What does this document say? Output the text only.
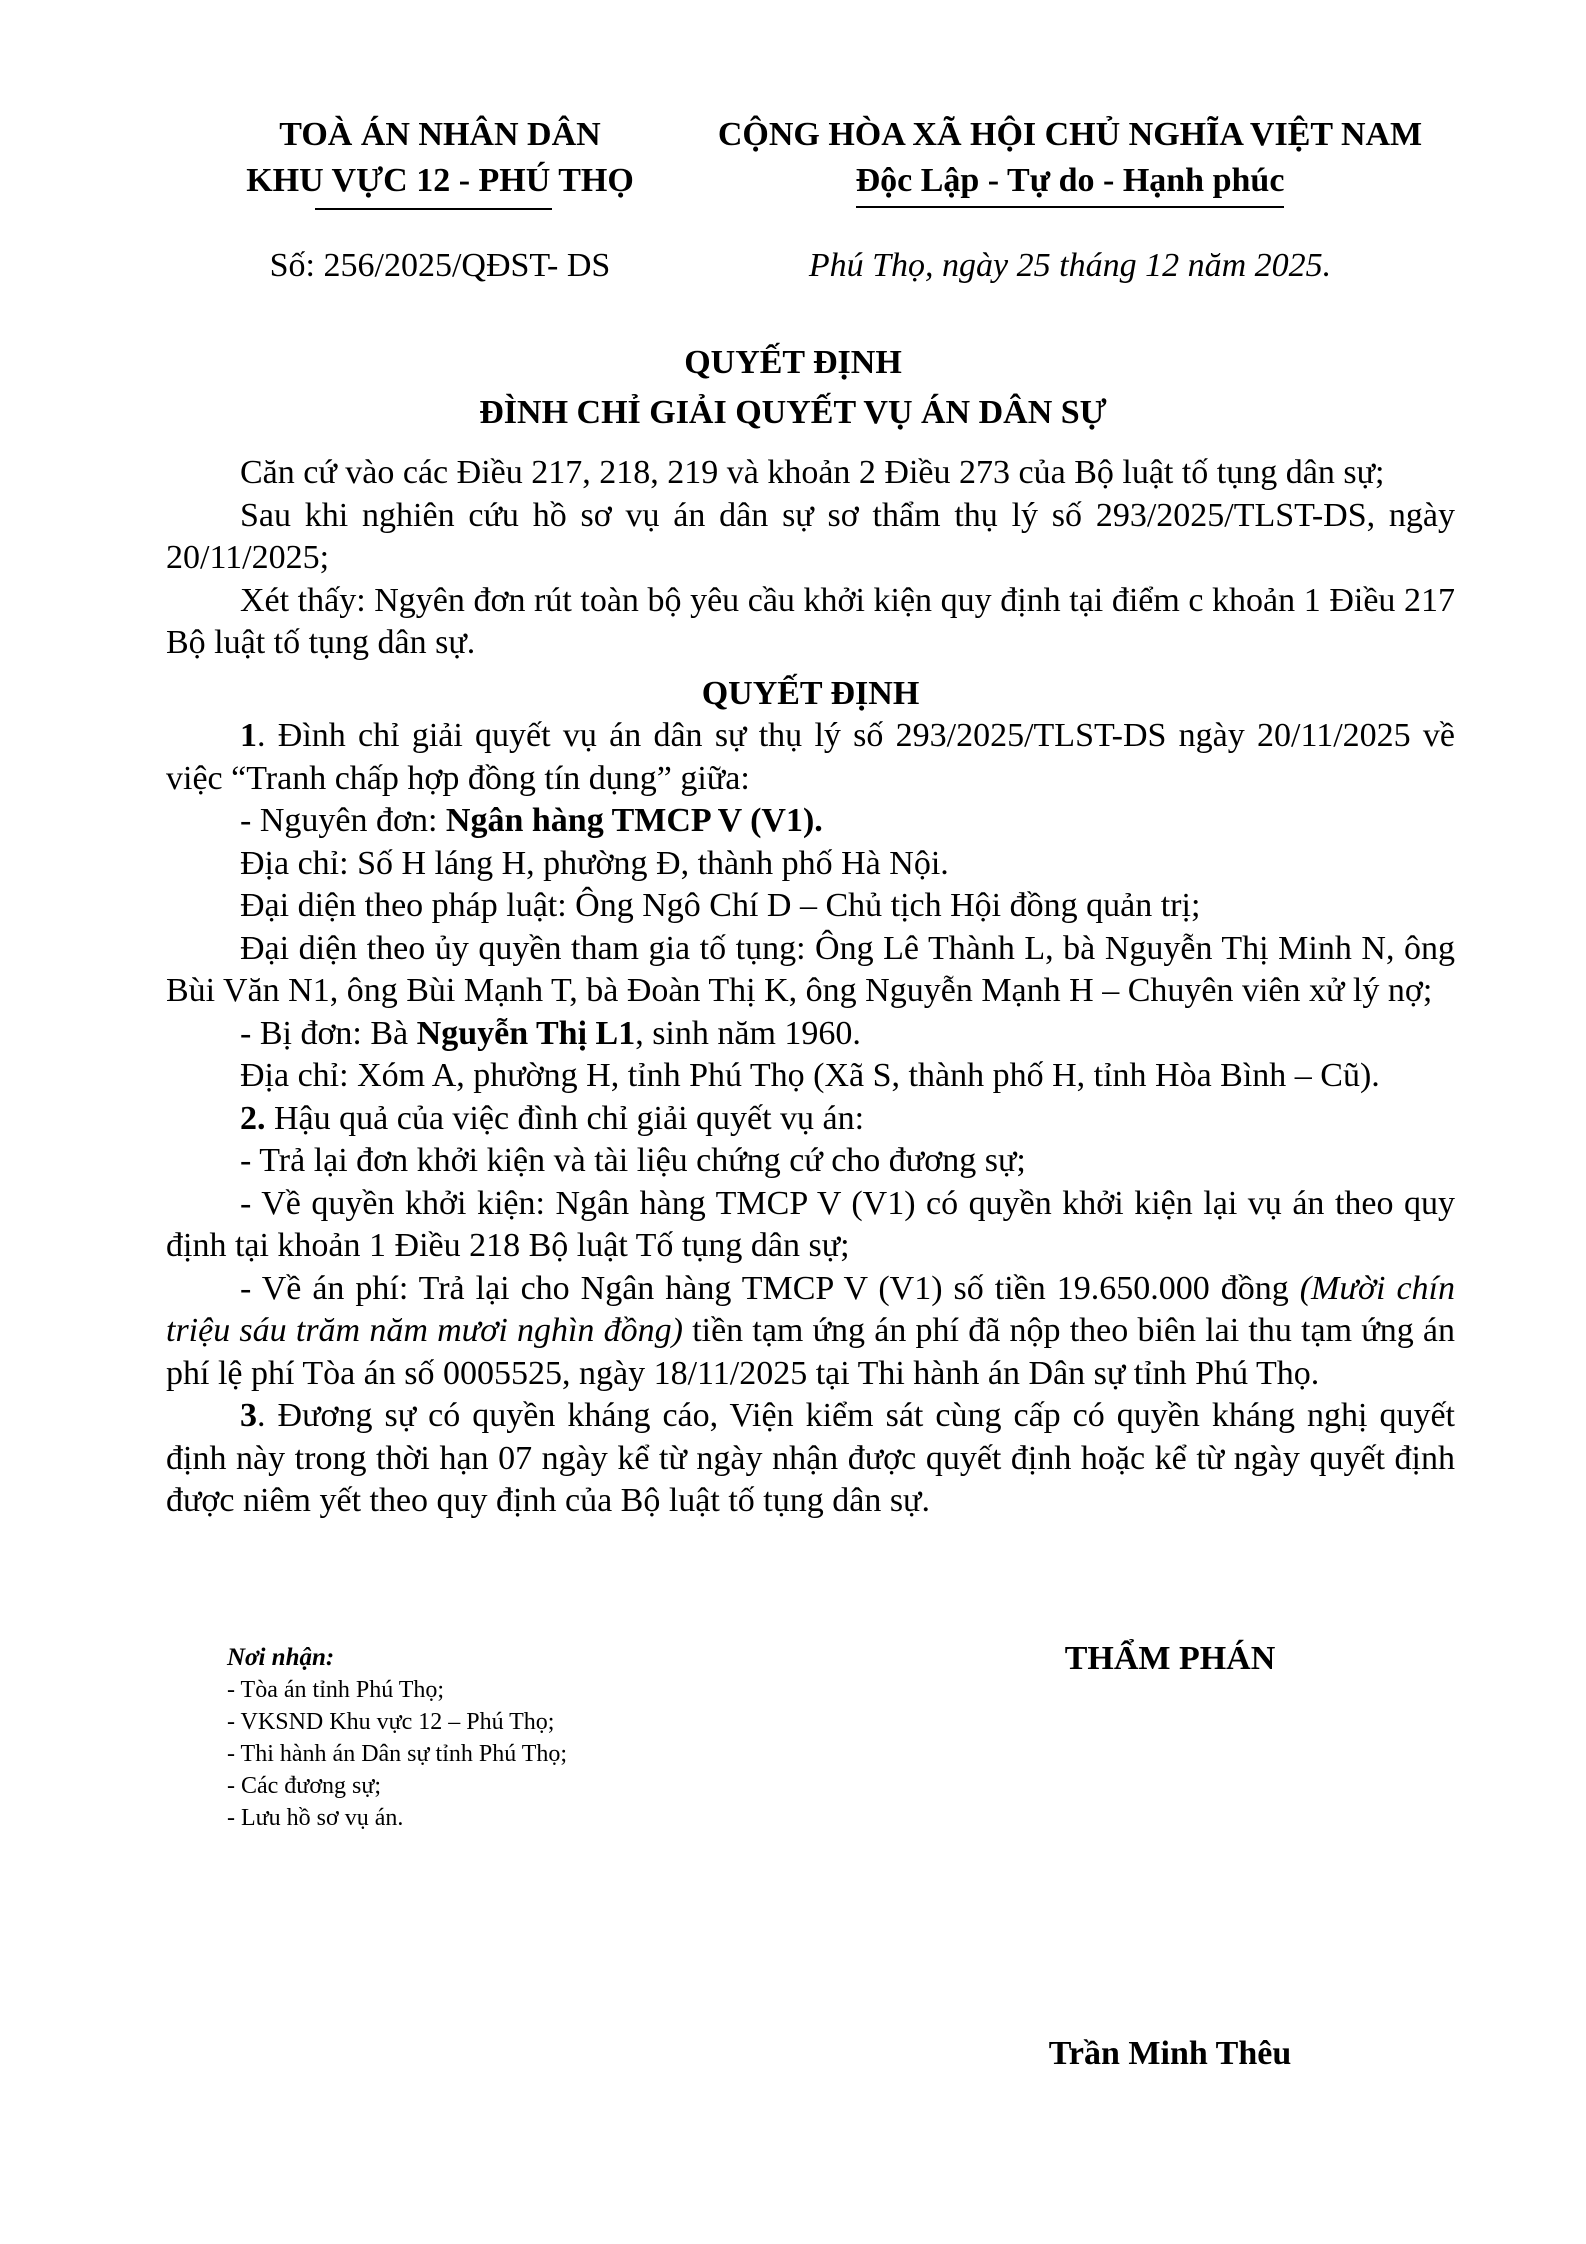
TOÀ ÁN NHÂN DÂN
KHU VỰC 12 - PHÚ THỌ
CỘNG HÒA XÃ HỘI CHỦ NGHĨA VIỆT NAM
Độc Lập - Tự do - Hạnh phúc
Số: 256/2025/QĐST- DS	Phú Thọ, ngày 25 tháng 12 năm 2025.
QUYẾT ĐỊNH
ĐÌNH CHỈ GIẢI QUYẾT VỤ ÁN DÂN SỰ

Căn cứ vào các Điều 217, 218, 219 và khoản 2 Điều 273 của Bộ luật tố tụng dân sự;

Sau khi nghiên cứu hồ sơ vụ án dân sự sơ thẩm thụ lý số 293/2025/TLST-DS, ngày 20/11/2025;

Xét thấy: Ngyên đơn rút toàn bộ yêu cầu khởi kiện quy định tại điểm c khoản 1 Điều 217 Bộ luật tố tụng dân sự.

QUYẾT ĐỊNH

1. Đình chỉ giải quyết vụ án dân sự thụ lý số 293/2025/TLST-DS ngày 20/11/2025 về việc “Tranh chấp hợp đồng tín dụng” giữa:

- Nguyên đơn: Ngân hàng TMCP V (V1).

Địa chỉ: Số H láng H, phường Đ, thành phố Hà Nội.

Đại diện theo pháp luật: Ông Ngô Chí D – Chủ tịch Hội đồng quản trị;

Đại diện theo ủy quyền tham gia tố tụng: Ông Lê Thành L, bà Nguyễn Thị Minh N, ông Bùi Văn N1, ông Bùi Mạnh T, bà Đoàn Thị K, ông Nguyễn Mạnh H – Chuyên viên xử lý nợ;

- Bị đơn: Bà Nguyễn Thị L1, sinh năm 1960.

Địa chỉ: Xóm A, phường H, tỉnh Phú Thọ (Xã S, thành phố H, tỉnh Hòa Bình – Cũ).

2. Hậu quả của việc đình chỉ giải quyết vụ án:

- Trả lại đơn khởi kiện và tài liệu chứng cứ cho đương sự;

- Về quyền khởi kiện: Ngân hàng TMCP V (V1) có quyền khởi kiện lại vụ án theo quy định tại khoản 1 Điều 218 Bộ luật Tố tụng dân sự;

- Về án phí: Trả lại cho Ngân hàng TMCP V (V1) số tiền 19.650.000 đồng (Mười chín triệu sáu trăm năm mươi nghìn đồng) tiền tạm ứng án phí đã nộp theo biên lai thu tạm ứng án phí lệ phí Tòa án số 0005525, ngày 18/11/2025 tại Thi hành án Dân sự tỉnh Phú Thọ.

3. Đương sự có quyền kháng cáo, Viện kiểm sát cùng cấp có quyền kháng nghị quyết định này trong thời hạn 07 ngày kể từ ngày nhận được quyết định hoặc kể từ ngày quyết định được niêm yết theo quy định của Bộ luật tố tụng dân sự.

Nơi nhận:
- Tòa án tỉnh Phú Thọ;
- VKSND Khu vực 12 – Phú Thọ;
- Thi hành án Dân sự tỉnh Phú Thọ;
- Các đương sự;
- Lưu hồ sơ vụ án.
THẨM PHÁN
Trần Minh Thêu
